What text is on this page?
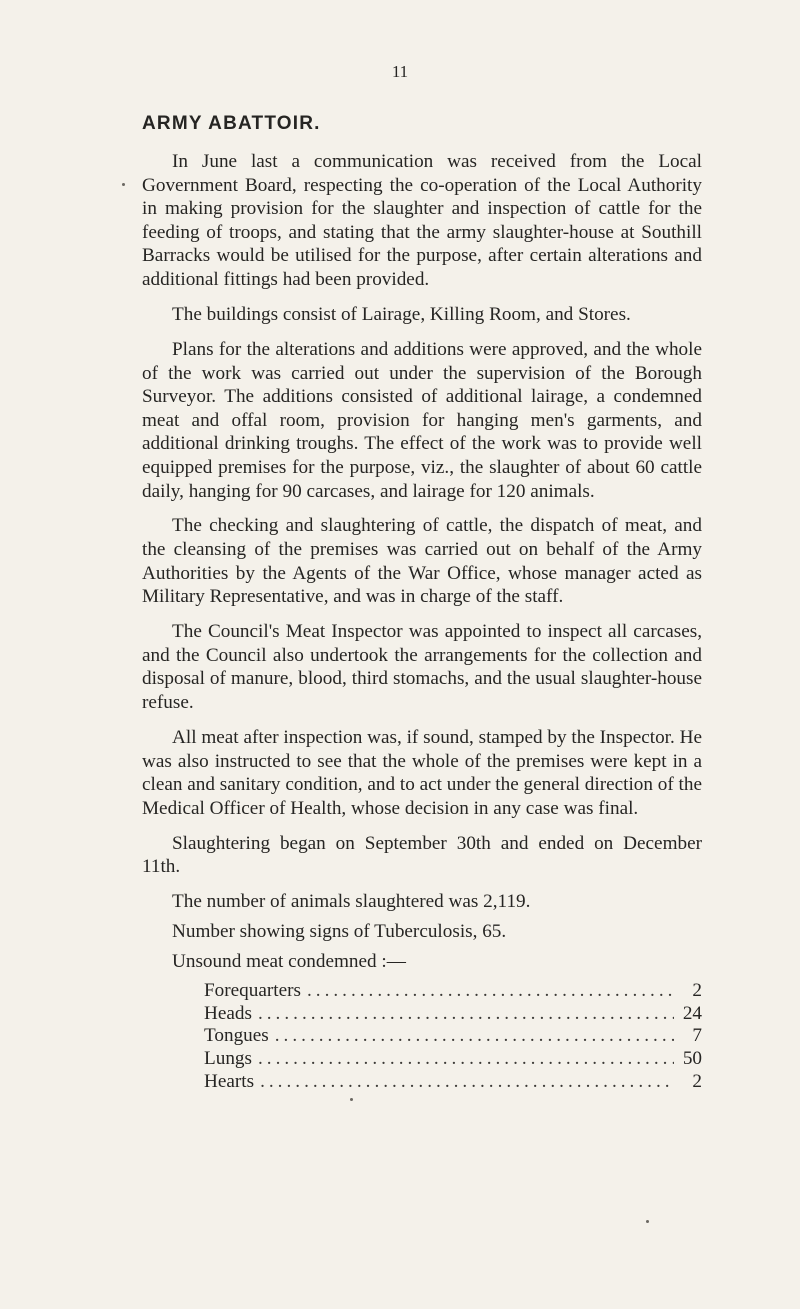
11
ARMY ABATTOIR.

In June last a communication was received from the Local Government Board, respecting the co-operation of the Local Authority in making provision for the slaughter and inspection of cattle for the feeding of troops, and stating that the army slaughter-house at Southill Barracks would be utilised for the purpose, after certain alterations and additional fittings had been provided.

The buildings consist of Lairage, Killing Room, and Stores.

Plans for the alterations and additions were approved, and the whole of the work was carried out under the supervision of the Borough Surveyor. The additions consisted of additional lairage, a condemned meat and offal room, provision for hanging men's garments, and additional drinking troughs. The effect of the work was to provide well equipped premises for the purpose, viz., the slaughter of about 60 cattle daily, hanging for 90 carcases, and lairage for 120 animals.

The checking and slaughtering of cattle, the dispatch of meat, and the cleansing of the premises was carried out on behalf of the Army Authorities by the Agents of the War Office, whose manager acted as Military Representative, and was in charge of the staff.

The Council's Meat Inspector was appointed to inspect all carcases, and the Council also undertook the arrangements for the collection and disposal of manure, blood, third stomachs, and the usual slaughter-house refuse.

All meat after inspection was, if sound, stamped by the Inspector. He was also instructed to see that the whole of the premises were kept in a clean and sanitary condition, and to act under the general direction of the Medical Officer of Health, whose decision in any case was final.

Slaughtering began on September 30th and ended on December 11th.

The number of animals slaughtered was 2,119.
Number showing signs of Tuberculosis, 65.
Unsound meat condemned :—
Forequarters .....	2
Heads .....	24
Tongues .....	7
Lungs .....	50
Hearts .....	2
